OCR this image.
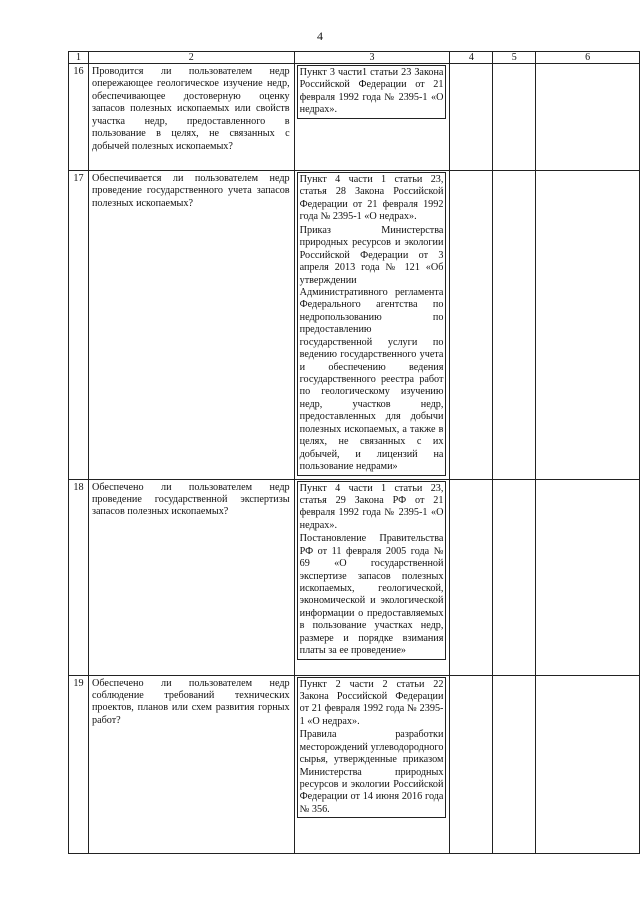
4
1	2	3	4	5	6
16	Проводится ли пользователем недр опережающее геологическое изучение недр, обеспечивающее достоверную оценку запасов полезных ископаемых или свойств участка недр, предоставленного в пользование в целях, не связанных с добычей полезных ископаемых?	Пункт 3 части1 статьи 23 Закона Российской Федерации от 21 февраля 1992 года № 2395-1 «О недрах».			

17	Обеспечивается ли пользователем недр проведение государственного учета запасов полезных ископаемых?	Пункт 4 части 1 статьи 23, статья 28 Закона Российской Федерации от 21 февраля 1992 года № 2395-1 «О недрах».

Приказ Министерства природных ресурсов и экологии Российской Федерации от 3 апреля 2013 года № 121 «Об утверждении Административного регламента Федерального агентства по недропользованию по предоставлению государственной услуги по ведению государственного учета и обеспечению ведения государственного реестра работ по геологическому изучению недр, участков недр, предоставленных для добычи полезных ископаемых, а также в целях, не связанных с их добычей, и лицензий на пользование недрами»			

18	Обеспечено ли пользователем недр проведение государственной экспертизы запасов полезных ископаемых?	Пункт 4 части 1 статьи 23, статья 29 Закона РФ от 21 февраля 1992 года № 2395-1 «О недрах».

Постановление Правительства РФ от 11 февраля 2005 года № 69 «О государственной экспертизе запасов полезных ископаемых, геологической, экономической и экологической информации о предоставляемых в пользование участках недр, размере и порядке взимания платы за ее проведение»			

19	Обеспечено ли пользователем недр соблюдение требований технических проектов, планов или схем развития горных работ?	Пункт 2 части 2 статьи 22 Закона Российской Федерации от 21 февраля 1992 года № 2395-1 «О недрах».

Правила разработки месторождений углеводородного сырья, утвержденные приказом Министерства природных ресурсов и экологии Российской Федерации от 14 июня 2016 года № 356.			
